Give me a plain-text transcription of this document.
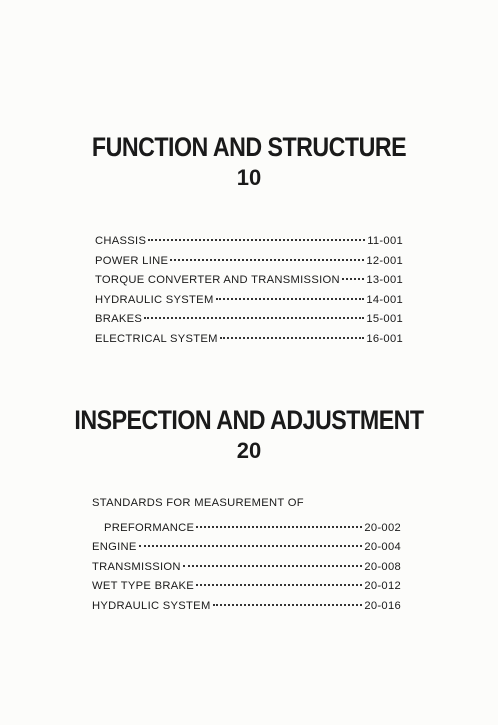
FUNCTION AND STRUCTURE
10
CHASSIS	11-001
POWER LINE	12-001
TORQUE CONVERTER AND TRANSMISSION 13-001
HYDRAULIC SYSTEM	14-001
BRAKES	15-001
ELECTRICAL SYSTEM	16-001
INSPECTION AND ADJUSTMENT
20
STANDARDS FOR MEASUREMENT OF
PREFORMANCE	20-002
ENGINE	20-004
TRANSMISSION	20-008
WET TYPE BRAKE	20-012
HYDRAULIC SYSTEM	20-016
